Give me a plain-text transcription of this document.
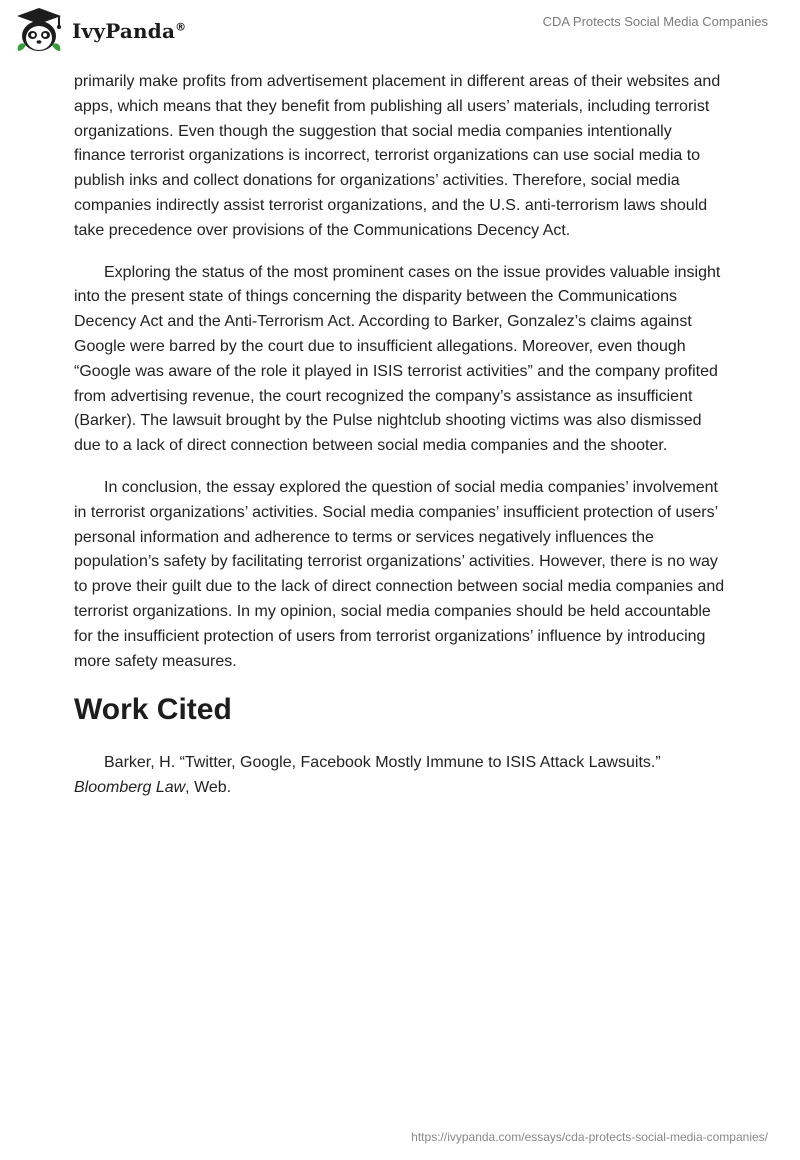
IvyPanda®	CDA Protects Social Media Companies

primarily make profits from advertisement placement in different areas of their websites and apps, which means that they benefit from publishing all users’ materials, including terrorist organizations. Even though the suggestion that social media companies intentionally finance terrorist organizations is incorrect, terrorist organizations can use social media to publish inks and collect donations for organizations’ activities. Therefore, social media companies indirectly assist terrorist organizations, and the U.S. anti-terrorism laws should take precedence over provisions of the Communications Decency Act.

Exploring the status of the most prominent cases on the issue provides valuable insight into the present state of things concerning the disparity between the Communications Decency Act and the Anti-Terrorism Act. According to Barker, Gonzalez’s claims against Google were barred by the court due to insufficient allegations. Moreover, even though “Google was aware of the role it played in ISIS terrorist activities” and the company profited from advertising revenue, the court recognized the company’s assistance as insufficient (Barker). The lawsuit brought by the Pulse nightclub shooting victims was also dismissed due to a lack of direct connection between social media companies and the shooter.

In conclusion, the essay explored the question of social media companies’ involvement in terrorist organizations’ activities. Social media companies’ insufficient protection of users’ personal information and adherence to terms or services negatively influences the population’s safety by facilitating terrorist organizations’ activities. However, there is no way to prove their guilt due to the lack of direct connection between social media companies and terrorist organizations. In my opinion, social media companies should be held accountable for the insufficient protection of users from terrorist organizations’ influence by introducing more safety measures.

Work Cited

Barker, H. “Twitter, Google, Facebook Mostly Immune to ISIS Attack Lawsuits.” Bloomberg Law, Web.

https://ivypanda.com/essays/cda-protects-social-media-companies/
